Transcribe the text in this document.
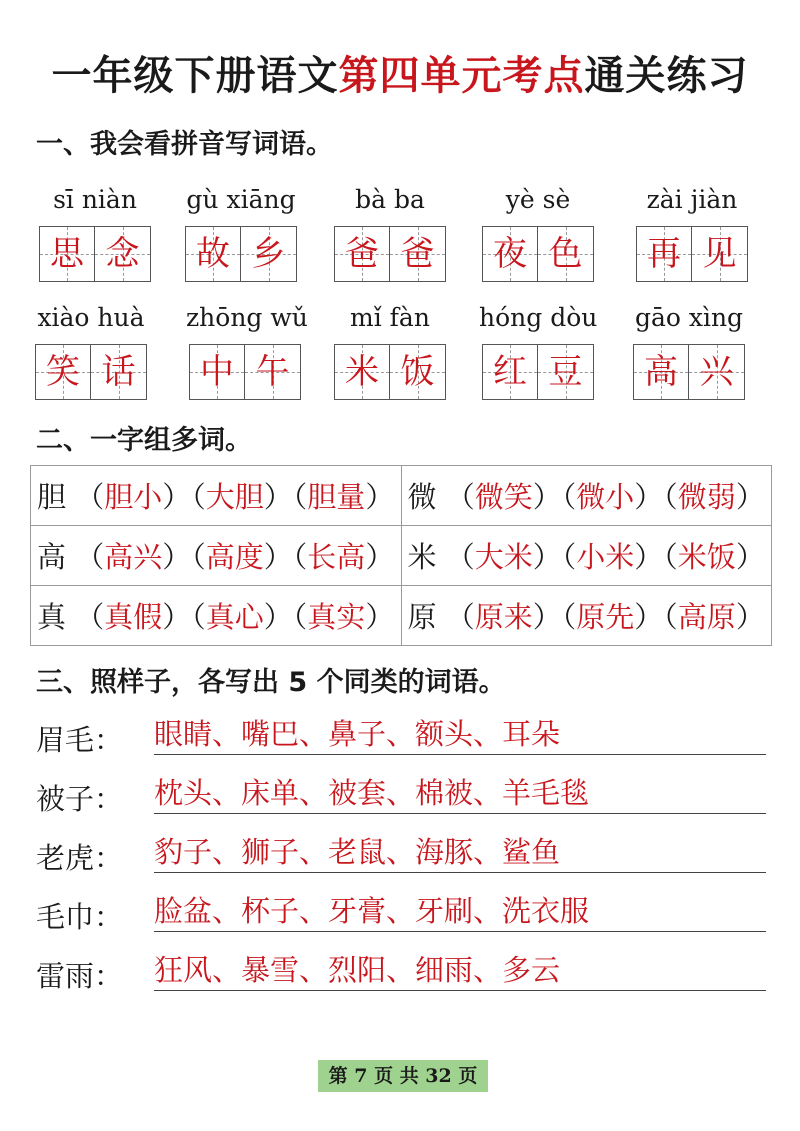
一年级下册语文第四单元考点通关练习
一、我会看拼音写词语。
sī niàn
思 念
gù xiāng
故 乡
bà ba
爸 爸
yè sè
夜 色
zài jiàn
再 见
xiào huà
笑 话
zhōng wǔ
中 午
mǐ fàn
米 饭
hóng dòu
红 豆
gāo xìng
高 兴
二、一字组多词。
胆 （胆小）（大胆）（胆量）	微 （微笑）（微小）（微弱）
高 （高兴）（高度）（长高）	米 （大米）（小米）（米饭）
真 （真假）（真心）（真实）	原 （原来）（原先）（高原）
三、照样子，各写出 5 个同类的词语。
眉毛： 眼睛、嘴巴、鼻子、额头、耳朵
被子： 枕头、床单、被套、棉被、羊毛毯
老虎： 豹子、狮子、老鼠、海豚、鲨鱼
毛巾： 脸盆、杯子、牙膏、牙刷、洗衣服
雷雨： 狂风、暴雪、烈阳、细雨、多云
第 7 页 共 32 页
